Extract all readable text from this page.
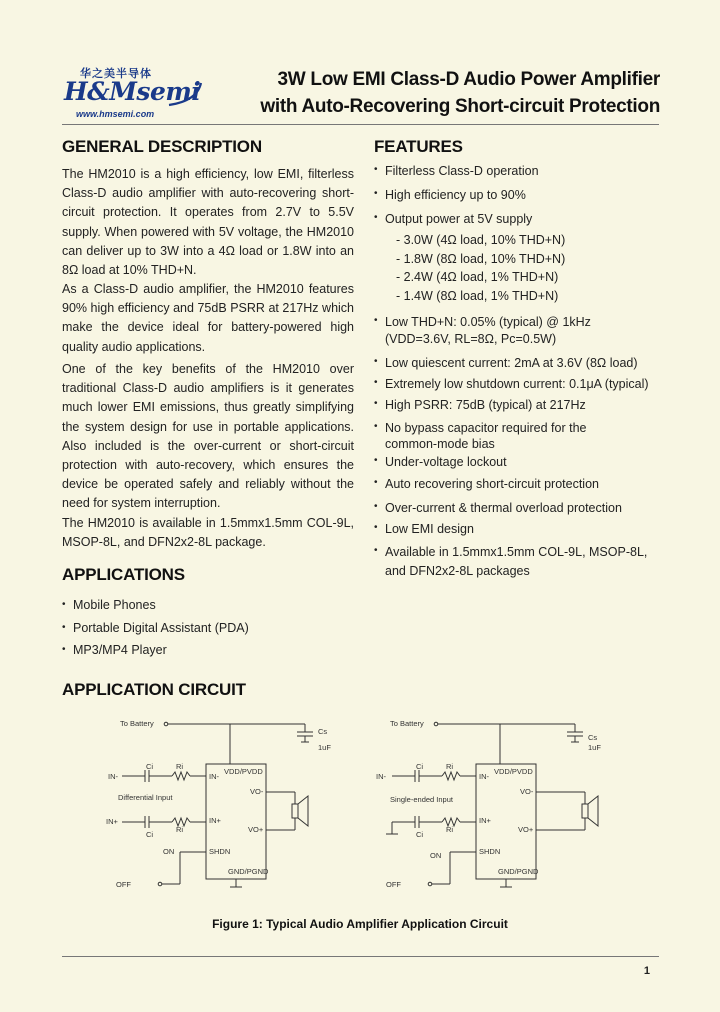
华之美半导体
H&Msemi
www.hmsemi.com
3W Low EMI Class-D Audio Power Amplifier
with Auto-Recovering Short-circuit Protection
GENERAL DESCRIPTION

The HM2010 is a high efficiency, low EMI, filterless Class-D audio amplifier with auto-recovering short-circuit protection. It operates from 2.7V to 5.5V supply. When powered with 5V voltage, the HM2010 can deliver up to 3W into a 4Ω load or 1.8W into an 8Ω load at 10% THD+N.

As a Class-D audio amplifier, the HM2010 features 90% high efficiency and 75dB PSRR at 217Hz which make the device ideal for battery-powered high quality audio applications.

One of the key benefits of the HM2010 over traditional Class-D audio amplifiers is it generates much lower EMI emissions, thus greatly simplifying the system design for use in portable applications. Also included is the over-current or short-circuit protection with auto-recovery, which ensures the device be operated safely and reliably without the need for system interruption.

The HM2010 is available in 1.5mmx1.5mm COL-9L, MSOP-8L, and DFN2x2-8L package.

FEATURES
• Filterless Class-D operation
• High efficiency up to 90%
• Output power at 5V supply
- 3.0W (4Ω load, 10% THD+N)
- 1.8W (8Ω load, 10% THD+N)
- 2.4W (4Ω load, 1% THD+N)
- 1.4W (8Ω load, 1% THD+N)
• Low THD+N: 0.05% (typical) @ 1kHz
(VDD=3.6V, RL=8Ω, Pc=0.5W)
• Low quiescent current: 2mA at 3.6V (8Ω load)
• Extremely low shutdown current: 0.1μA (typical)
• High PSRR: 75dB (typical) at 217Hz
• No bypass capacitor required for the
common-mode bias
• Under-voltage lockout
• Auto recovering short-circuit protection
• Over-current & thermal overload protection
• Low EMI design
• Available in 1.5mmx1.5mm COL-9L, MSOP-8L,
and DFN2x2-8L packages
APPLICATIONS
• Mobile Phones
• Portable Digital Assistant (PDA)
• MP3/MP4 Player
APPLICATION CIRCUIT
To Battery
Cs
1uF
IN-
IN+
Ci
Ci
Ri
Ri
Differential Input
VDD/PVDD
IN-
IN+
VO-
VO+
SHDN
GND/PGND
ON
OFF
To Battery
Cs
1uF
IN-
Ci
Ci
Ri
Ri
Single-ended Input
VDD/PVDD
IN-
IN+
VO-
VO+
SHDN
GND/PGND
ON
OFF
Figure 1: Typical Audio Amplifier Application Circuit
1
